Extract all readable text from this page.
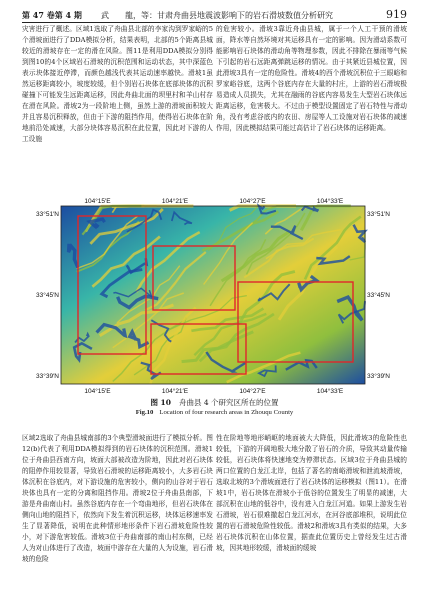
第 47 卷第 4 期	武　　龍，等：甘肃舟曲县地震波影响下的岩石滑坡数值分析研究	919

灾害进行了概述。区域1选取了舟曲县北部的李家沟到罗家峪的5个滑坡面进行了DDA模拟分析，结果表明，北部的5个距离县城较近的滑坡存在一定的滑在风险。图11是利用DDA模拟分别得到图10的4个区域岩石滑坡的沉积范围和运动状态，其中深蓝色表示块体接近停滞，而颜色越浅代表其运动速率越快。滑坡1虽然运移距离较小，坡度较缓，但个别岩石块体在底部块体的沉积碰撞下可能发生远距离运移，因此舟曲北面的坝里村和羊山村存在滑在风险。滑坡2为一段阶地上侧，虽然上游的滑坡面积较大并且容易沉积释放，但由于下游的阻挡作用，使得岩石块体在阶地前沿处减速，大部分块体容易沉积在此位置，因此对下游的人工设施

的危害较小。滑坡3靠近舟曲县城，属于一个人工干预的滑坡面，降水等自然环境对其运移具有一定的影响。因为滑动系数可能影响岩石块体的滑动角等物理参数，因此不排除在暴雨等气候下引起的岩石远距离弹跳运移的情况。由于其紧近县城位置，因此滑坡3具有一定的危险性。滑坡4的西个滑坡沉积位于三眼峪和罗家峪谷底，这两个谷底内存在大量的村庄，上游的岩石滑坡极易造成人员损失，尤其在融雨的谷底内容易发生大型岩石块体远距离运移，危害极大。不过由于模型设置固定了岩石特性与滑动角，没有考虑谷底内的农田、房屋等人工设施对岩石块体的减速作用，因此模拟结果可能过高估计了岩石块体的运移距离。

104°15′E	104°21′E	104°27′E	104°33′E
104°15′E	104°21′E	104°27′E	104°33′E
33°51′N
33°45′N
33°39′N
33°51′N
33°45′N
33°39′N
图 10 舟曲县 4 个研究区所在的位置
Fig.10 Location of four research areas in Zhouqu County

区域2选取了舟曲县城南部的3个典型滑坡面进行了模拟分析。图12(b)代表了利用DDA模拟得到的岩石块体的沉积范围。滑坡1位于舟曲县西南方向，坡面大部被改造为阶地，因此对岩石块体的阻停作用较显著，导致岩石滑坡的运移距离较小，大多岩石块体沉积在谷底内，对下游设施的危害较小，侧向的山谷对于岩石块体也具有一定的分离和阻挡作用。滑坡2位于舟曲县南部，下游是舟曲南山村。虽然谷底内存在一个弯曲地形，但岩石块体在侧向山地的阻挡下，依然向下发生着沉积运移，块体运移速率发生了显著降低，说明在此种情形地形条件下岩石滑坡危险性较小，对下游危害较低。滑坡3位于舟曲南部的南山村东侧，已经人为对山体进行了改造，坡面中游存在大量的人为设施，岩石滑坡的危险

性在阶地等地形峭岖的地面被大大降低，因此滑坡3的危险性也较低，下游的开阔地极大地分散了岩石的介质，导致其动量传输较低，岩石块体将快速地变为停滞状态。区域3位于舟曲县城的两口位置的白龙江北岸，包括了著名的南峪滑坡和泄流坡滑坡，选取北坡的3个滑坡面进行了岩石块体的运移模拟（图11）。在滑坡1中，岩石块体在滑坡小于低谷的位置发生了明显的减速，大部沉积在山地的低谷中，没有进入白龙江河道。如果上游发生岩石滑坡，岩石很难撤起白龙江河水，在河谷底部堆积，说明此位置的岩石滑坡危险性较低。滑坡2和滑坡3具有类似的结果，大多岩石块体沉积在山体位置，据查此位置历史上曾经发生过古滑坡，因其地形较缓，滑坡面的缓坡
